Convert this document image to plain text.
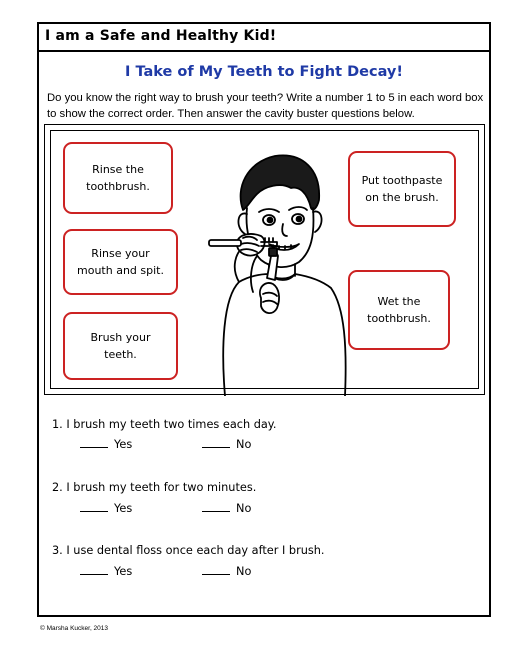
I am a Safe and Healthy Kid!
I Take of My Teeth to Fight Decay!
Do you know the right way to brush your teeth? Write a number 1 to 5 in each word box to show the correct order. Then answer the cavity buster questions below.
Rinse the
toothbrush.
Rinse your
mouth and spit.
Brush your
teeth.
Put toothpaste
on the brush.
Wet the
toothbrush.
1. I brush my teeth two times each day.
Yes	No
2. I brush my teeth for two minutes.
Yes	No
3. I use dental floss once each day after I brush.
Yes	No
© Marsha Kucker, 2013
